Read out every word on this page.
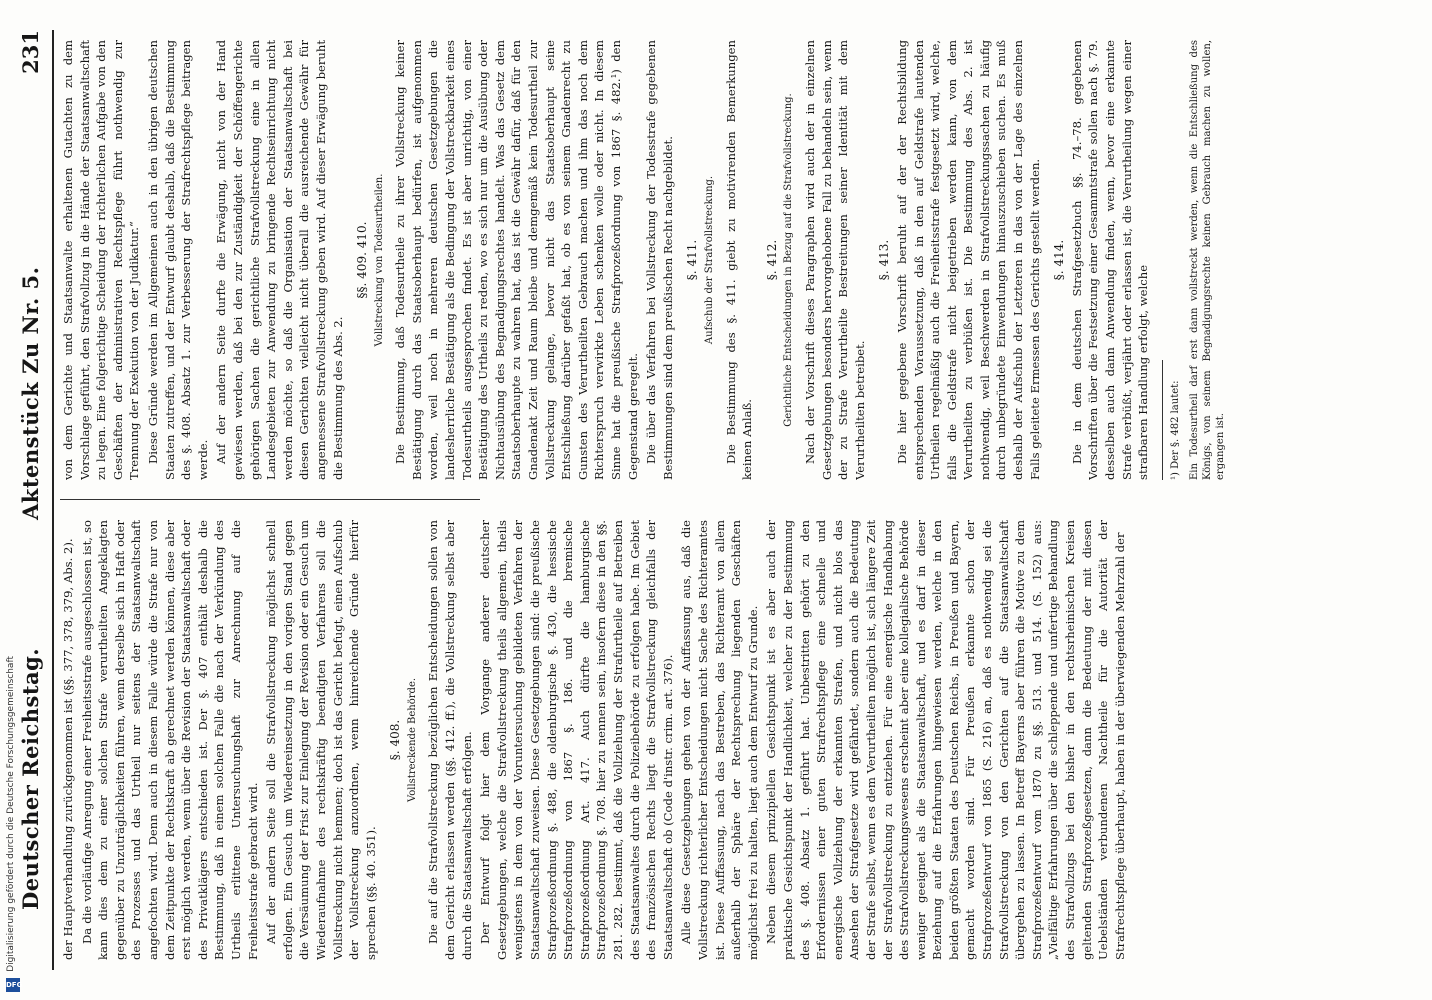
Deutscher Reichstag.
Aktenstück Zu Nr. 5.
231

der Hauptverhandlung zurückgenommen ist (§§. 377, 378, 379, Abs. 2). Da die vorläufige Anregung einer Freiheitsstrafe ausgeschlossen ist, so kann dies dem zu einer solchen Strafe verurtheilten Angeklagten gegenüber zu Unzuträglichkeiten führen, wenn derselbe sich in Haft oder des Prozesses und das Urtheil nur seitens der Staatsanwaltschaft angefochten wird. Denn auch in diesem Falle würde die Strafe nur von dem Zeitpunkte der Rechtskraft ab gerechnet werden können, diese aber erst möglich werden, wenn über die Revision der Staatsanwaltschaft oder des Privatklägers entschieden ist. Der §. 407 enthält deshalb die Bestimmung, daß in einem solchen Falle die nach der Verkündung des Urtheils erlittene Untersuchungshaft zur Anrechnung auf die Freiheitsstrafe gebracht wird. Auf der andern Seite soll die Strafvollstreckung möglichst schnell erfolgen. Ein Gesuch um Wiedereinsetzung in den vorigen Stand gegen die Versäumung der Frist zur Einlegung der Revision oder ein Gesuch um Wiederaufnahme des rechtskräftig beendigten Verfahrens soll die Vollstreckung nicht hemmen; doch ist das Gericht befugt, einen Aufschub der Vollstreckung anzuordnen, wenn hinreichende Gründe hierfür sprechen (§§. 40. 351).

§. 408. Vollstreckende Behörde. Die auf die Strafvollstreckung bezüglichen Entscheidungen sollen von dem Gericht erlassen werden (§§. 412. ff.), die Vollstreckung selbst aber durch die Staatsanwaltschaft erfolgen. Der Entwurf folgt hier dem Vorgange anderer deutscher Gesetzgebungen, welche die Strafvollstreckung theils allgemein, theils wenigstens in dem von der Voruntersuchung gebildeten Verfahren der Staatsanwaltschaft zuweisen. Diese Gesetzgebungen sind: die preußische Strafprozeßordnung §. 488, die oldenburgische §. 430, die hessische Strafprozeßordnung von 1867 §. 186. und die bremische Strafprozeßordnung Art. 417. Auch dürfte die hamburgische Strafprozeßordnung §. 708. hier zu nennen sein, insofern diese in den §§. 281. 282. bestimmt, daß die Vollziehung der Strafurtheile auf Betreiben des Staatsanwaltes durch die Polizeibehörde zu erfolgen habe. Im Gebiet des französischen Rechts liegt die Strafvollstreckung gleichfalls der Staatsanwaltschaft ob (Code d'instr. crim. art. 376). Alle diese Gesetzgebungen gehen von der Auffassung aus, daß die Vollstreckung richterlicher Entscheidungen nicht Sache des Richteramtes ist. Diese Auffassung, nach das Bestreben, das Richteramt von allem außerhalb der Sphäre der Rechtsprechung liegenden Geschäften möglichst frei zu halten, liegt auch dem Entwurf zu Grunde. Neben diesem prinzipiellen Gesichtspunkt ist es aber auch der praktische Gesichtspunkt der Handlichkeit, welcher zu der Bestimmung des §. 408. Absatz 1. geführt hat. Unbestritten gehört zu den Erfordernissen einer guten Strafrechtspflege eine schnelle und energische Vollziehung der erkannten Strafen, und nicht blos das Ansehen der Strafgesetze wird gefährdet, sondern auch die Bedeutung der Strafe selbst, wenn es dem Verurtheilten möglich ist, sich längere Zeit der Strafvollstreckung zu entziehen. Für eine energische Handhabung des Strafvollstreckungswesens erscheint aber eine kollegialische Behörde weniger geeignet als die Staatsanwaltschaft, und es darf in dieser Beziehung auf die Erfahrungen hingewiesen werden, welche in den beiden größten Staaten des Deutschen Reichs, in Preußen und Bayern, gemacht worden sind. Für Preußen erkannte schon der Strafprozeßentwurf von 1865 (S. 216) an, daß es nothwendig sei die Strafvollstreckung von den Gerichten auf die Staatsanwaltschaft übergehen zu lassen. In Betreff Bayerns aber führen die Motive zu dem Strafprozeßentwurf vom 1870 zu §§. 513. und 514. (S. 152) aus: „Vielfältige Erfahrungen über die schleppende und unfertige Behandlung des Strafvollzugs bei den bisher in den rechtsrheinischen Kreisen geltenden Strafprozeßgesetzen, dann die Bedeutung der mit diesen Uebelständen verbundenen Nachtheile für die Autorität der Strafrechtspflege überhaupt, haben in der überwiegenden Mehrzahl der

von dem Gerichte und Staatsanwalte erhaltenen Gutachten zu dem Vorschlage geführt, den Strafvollzug in die Hände der Staatsanwaltschaft zu legen. Eine folgerichtige Scheidung der richterlichen Aufgabe von den Geschäften der administrativen Rechtspflege führt nothwendig zur Trennung der Exekution von der Judikatur.“ Diese Gründe werden im Allgemeinen auch in den übrigen deutschen Staaten zutreffen, und der Entwurf glaubt deshalb, daß die Bestimmung des §. 408. Absatz 1. zur Verbesserung der Strafrechtspflege beitragen werde. Auf der andern Seite durfte die Erwägung, nicht von der Hand gewiesen werden, daß bei den zur Zuständigkeit der Schöffengerichte gehörigen Sachen die gerichtliche Strafvollstreckung eine in allen Landesgebieten zur Anwendung zu bringende Rechtseinrichtung nicht werden möchte, so daß die Organisation der Staatsanwaltschaft bei diesen Gerichten vielleicht nicht überall die ausreichende Gewähr für angemessene Strafvollstreckung geben wird. Auf dieser Erwägung beruht die Bestimmung des Abs. 2.

§§. 409. 410. Vollstreckung von Todesurtheilen. Die Bestimmung, daß Todesurtheile zu ihrer Vollstreckung keiner Bestätigung durch das Staatsoberhaupt bedürfen, ist aufgenommen worden, weil noch in mehreren deutschen Gesetzgebungen die landesherrliche Bestätigung als die Bedingung der Vollstreckbarkeit eines Todesurtheils ausgesprochen findet. Es ist aber unrichtig, von einer Bestätigung des Urtheils zu reden, wo es sich nur um die Ausübung oder Nichtausübung des Begnadigungsrechtes handelt. Was das Gesetz dem Staatsoberhaupte zu wahren hat, das ist die Gewähr dafür, daß für den Gnadenakt Zeit und Raum bleibe und demgemäß kein Todesurtheil zur Vollstreckung gelange, bevor nicht das Staatsoberhaupt seine Entschließung darüber gefaßt hat, ob es von seinem Gnadenrecht zu Gunsten des Verurtheilten Gebrauch machen und ihm das noch dem Richterspruch verwirkte Leben schenken wolle oder nicht. In diesem Sinne hat die preußische Strafprozeßordnung von 1867 §. 482.¹) den Gegenstand geregelt. Die über das Verfahren bei Vollstreckung der Todesstrafe gegebenen Bestimmungen sind dem preußischen Recht nachgebildet. §. 411. Aufschub der Strafvollstreckung. Die Bestimmung des §. 411. giebt zu motivirenden Bemerkungen keinen Anlaß.

§. 412. Gerichtliche Entscheidungen in Bezug auf die Strafvollstreckung. Nach der Vorschrift dieses Paragraphen wird auch der in einzelnen Gesetzgebungen besonders hervorgehobene Fall zu behandeln sein, wenn der zu Strafe Verurtheilte Bestreitungen seiner Identität mit dem Verurtheilten betreibet.

§. 413. Die hier gegebene Vorschrift beruht auf der der Rechtsbildung entsprechenden Voraussetzung, daß in den auf Geldstrafe lautenden Urtheilen regelmäßig auch die Freiheitsstrafe festgesetzt wird, welche, falls die Geldstrafe nicht beigetrieben werden kann, von dem Verurtheilten zu verbüßen ist. Die Bestimmung des Abs. 2. ist nothwendig, weil Beschwerden in Strafvollstreckungssachen zu häufig durch unbegründete Einwendungen hinauszuschieben suchen. Es muß deshalb der Aufschub der Letzteren in das von der Lage des einzelnen Falls geleitete Ermessen des Gerichts gestellt werden. §. 414. Die in dem deutschen Strafgesetzbuch §§. 74.–78. gegebenen Vorschriften über die Festsetzung einer Gesammtstrafe sollen nach §. 79. desselben auch dann Anwendung finden, wenn, bevor eine erkannte Strafe verbüßt, verjährt oder erlassen ist, die Verurtheilung wegen einer strafbaren Handlung erfolgt, welche ¹) Der §. 482 lautet: Ein Todesurtheil darf erst dann vollstreckt werden, wenn die Entschließung des Königs, von seinem Begnadigungsrechte keinen Gebrauch machen zu wollen, ergangen ist.
DFG
Digitalisierung gefördert durch die Deutsche Forschungsgemeinschaft
